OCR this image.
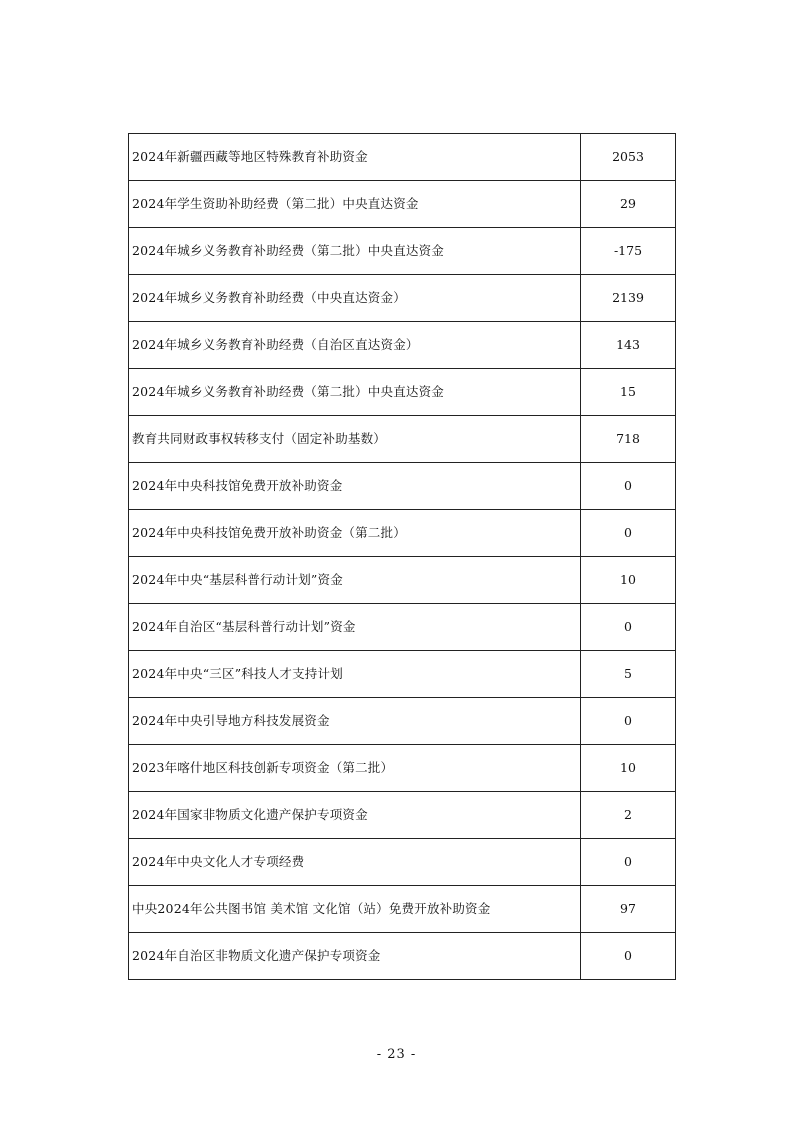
2024年新疆西藏等地区特殊教育补助资金	2053
2024年学生资助补助经费（第二批）中央直达资金	29
2024年城乡义务教育补助经费（第二批）中央直达资金	-175
2024年城乡义务教育补助经费（中央直达资金）	2139
2024年城乡义务教育补助经费（自治区直达资金）	143
2024年城乡义务教育补助经费（第二批）中央直达资金	15
教育共同财政事权转移支付（固定补助基数）	718
2024年中央科技馆免费开放补助资金	0
2024年中央科技馆免费开放补助资金（第二批）	0
2024年中央“基层科普行动计划”资金	10
2024年自治区“基层科普行动计划”资金	0
2024年中央“三区”科技人才支持计划	5
2024年中央引导地方科技发展资金	0
2023年喀什地区科技创新专项资金（第二批）	10
2024年国家非物质文化遗产保护专项资金	2
2024年中央文化人才专项经费	0
中央2024年公共图书馆 美术馆 文化馆（站）免费开放补助资金	97
2024年自治区非物质文化遗产保护专项资金	0
- 23 -
